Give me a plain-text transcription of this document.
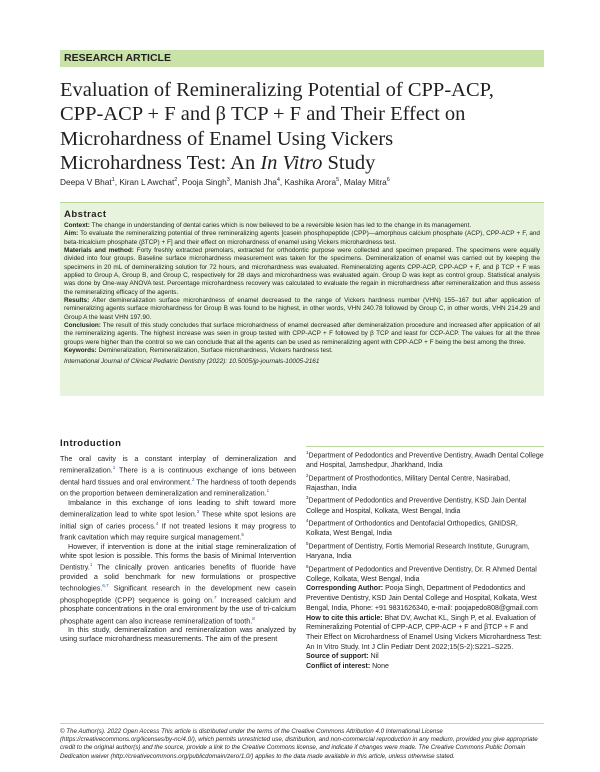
RESEARCH ARTICLE
Evaluation of Remineralizing Potential of CPP-ACP,
CPP-ACP + F and β TCP + F and Their Effect on
Microhardness of Enamel Using Vickers
Microhardness Test: An In Vitro Study
Deepa V Bhat$^1$, Kiran L Awchat$^2$, Pooja Singh$^3$, Manish Jha$^4$, Kashika Arora$^5$, Malay Mitra$^6$
Abstract

Context: The change in understanding of dental caries which is now believed to be a reversible lesion has led to the change in its management.

Aim: To evaluate the remineralizing potential of three remineralizing agents [casein phosphopeptide (CPP)—amorphous calcium phosphate (ACP), CPP-ACP + F, and beta-tricalcium phosphate (βTCP) + F] and their effect on microhardness of enamel using Vickers microhardness test.

Materials and method: Forty freshly extracted premolars, extracted for orthodontic purpose were collected and specimen prepared. The specimens were equally divided into four groups. Baseline surface microhardness measurement was taken for the specimens. Demineralization of enamel was carried out by keeping the specimens in 20 mL of demineralizing solution for 72 hours, and microhardness was evaluated. Remineralizing agents CPP-ACP, CPP-ACP + F, and β TCP + F was applied to Group A, Group B, and Group C, respectively for 28 days and microhardness was evaluated again. Group D was kept as control group. Statistical analysis was done by One-way ANOVA test. Percentage microhardness recovery was calculated to evaluate the regain in microhardness after remineralization and thus assess the remineralizing efficacy of the agents.

Results: After demineralization surface microhardness of enamel decreased to the range of Vickers hardness number (VHN) 155–167 but after application of remineralizing agents surface microhardness for Group B was found to be highest, in other words, VHN 240.78 followed by Group C, in other words, VHN 214.29 and Group A the least VHN 197.90.

Conclusion: The result of this study concludes that surface microhardness of enamel decreased after demineralization procedure and increased after application of all the remineralizing agents. The highest increase was seen in group tested with CPP-ACP + F followed by β TCP and least for CCP-ACP. The values for all the three groups were higher than the control so we can conclude that all the agents can be used as remineralizing agent with CPP-ACP + F being the best among the three.

Keywords: Demineralization, Remineralization, Surface microhardness, Vickers hardness test.

International Journal of Clinical Pediatric Dentistry (2022): 10.5005/jp-journals-10005-2161
Introduction

The oral cavity is a constant interplay of demineralization and remineralization.$^1$ There is a is continuous exchange of ions between dental hard tissues and oral environment.$^2$ The hardness of tooth depends on the proportion between demineralization and remineralization.$^1$

Imbalance in this exchange of ions leading to shift toward more demineralization lead to white spot lesion.$^3$ These white spot lesions are initial sign of caries process.$^4$ If not treated lesions it may progress to frank cavitation which may require surgical management.$^5$

However, if intervention is done at the initial stage remineralization of white spot lesion is possible. This forms the basis of Minimal Intervention Dentistry.$^1$ The clinically proven anticaries benefits of fluoride have provided a solid benchmark for new formulations or prospective technologies.$^{6,7}$ Significant research in the development new casein phosphopeptide (CPP) sequence is going on.$^7$ Increased calcium and phosphate concentrations in the oral environment by the use of tri-calcium phosphate agent can also increase remineralization of tooth.$^8$

In this study, demineralization and remineralization was analyzed by using surface microhardness measurements. The aim of the present

$^1$Department of Pedodontics and Preventive Dentistry, Awadh Dental College and Hospital, Jamshedpur, Jharkhand, India

$^2$Department of Prosthodontics, Military Dental Centre, Nasirabad, Rajasthan, India

$^3$Department of Pedodontics and Preventive Dentistry, KSD Jain Dental College and Hospital, Kolkata, West Bengal, India

$^4$Department of Orthodontics and Dentofacial Orthopedics, GNIDSR, Kolkata, West Bengal, India

$^5$Department of Dentistry, Fortis Memorial Research Institute, Gurugram, Haryana, India

$^6$Department of Pedodontics and Preventive Dentistry, Dr. R Ahmed Dental College, Kolkata, West Bengal, India

Corresponding Author: Pooja Singh, Department of Pedodontics and Preventive Dentistry, KSD Jain Dental College and Hospital, Kolkata, West Bengal, India, Phone: +91 9831626340, e-mail: poojapedo808@gmail.com

How to cite this article: Bhat DV, Awchat KL, Singh P, et al. Evaluation of Remineralizing Potential of CPP-ACP, CPP-ACP + F and βTCP + F and Their Effect on Microhardness of Enamel Using Vickers Microhardness Test: An In Vitro Study. Int J Clin Pediatr Dent 2022;15(S-2):S221–S225.

Source of support: Nil

Conflict of interest: None

© The Author(s). 2022 Open Access This article is distributed under the terms of the Creative Commons Attribution 4.0 International License (https://creativecommons.org/licenses/by-nc/4.0/), which permits unrestricted use, distribution, and non-commercial reproduction in any medium, provided you give appropriate credit to the original author(s) and the source, provide a link to the Creative Commons license, and indicate if changes were made. The Creative Commons Public Domain Dedication waiver (http://creativecommons.org/publicdomain/zero/1.0/) applies to the data made available in this article, unless otherwise stated.
